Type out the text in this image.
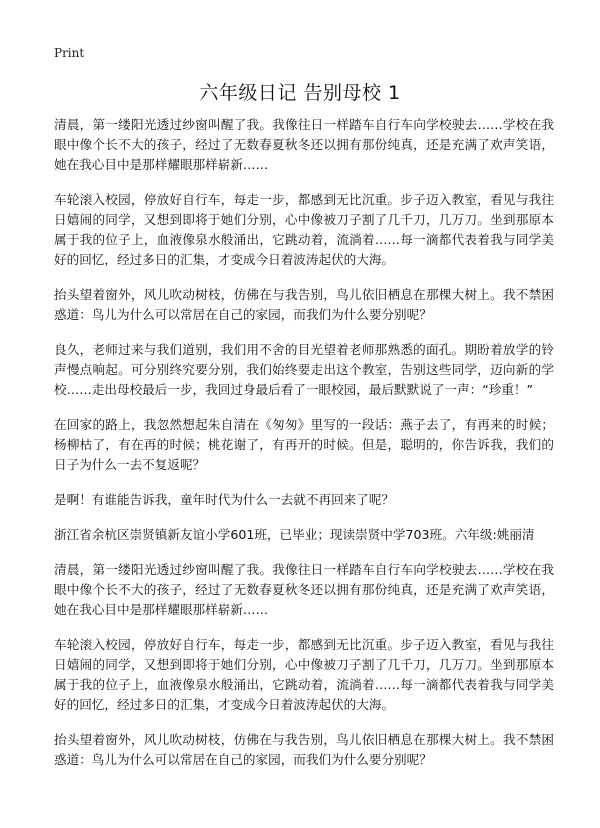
Print
六年级日记 告别母校 1

清晨，第一缕阳光透过纱窗叫醒了我。我像往日一样踏车自行车向学校驶去……学校在我眼中像个长不大的孩子，经过了无数春夏秋冬还以拥有那份纯真，还是充满了欢声笑语，她在我心目中是那样耀眼那样崭新……

车轮滚入校园，停放好自行车，每走一步，都感到无比沉重。步子迈入教室，看见与我往日嬉闹的同学，又想到即将于她们分别，心中像被刀子割了几千刀，几万刀。坐到那原本属于我的位子上，血液像泉水般涌出，它跳动着，流淌着……每一滴都代表着我与同学美好的回忆，经过多日的汇集，才变成今日着波涛起伏的大海。

抬头望着窗外，风儿吹动树枝，仿佛在与我告别，鸟儿依旧栖息在那棵大树上。我不禁困惑道：鸟儿为什么可以常居在自己的家园，而我们为什么要分别呢？

良久，老师过来与我们道别，我们用不舍的目光望着老师那熟悉的面孔。期盼着放学的铃声慢点响起。可分别终究要分别，我们始终要走出这个教室，告别这些同学，迈向新的学校……走出母校最后一步，我回过身最后看了一眼校园，最后默默说了一声：“珍重！”

在回家的路上，我忽然想起朱自清在《匆匆》里写的一段话：燕子去了，有再来的时候；杨柳枯了，有在再的时候；桃花谢了，有再开的时候。但是，聪明的，你告诉我，我们的日子为什么一去不复返呢？

是啊！有谁能告诉我，童年时代为什么一去就不再回来了呢？

浙江省余杭区崇贤镇新友谊小学601班，已毕业；现读崇贤中学703班。六年级:姚丽清

清晨，第一缕阳光透过纱窗叫醒了我。我像往日一样踏车自行车向学校驶去……学校在我眼中像个长不大的孩子，经过了无数春夏秋冬还以拥有那份纯真，还是充满了欢声笑语，她在我心目中是那样耀眼那样崭新……

车轮滚入校园，停放好自行车，每走一步，都感到无比沉重。步子迈入教室，看见与我往日嬉闹的同学，又想到即将于她们分别，心中像被刀子割了几千刀，几万刀。坐到那原本属于我的位子上，血液像泉水般涌出，它跳动着，流淌着……每一滴都代表着我与同学美好的回忆，经过多日的汇集，才变成今日着波涛起伏的大海。

抬头望着窗外，风儿吹动树枝，仿佛在与我告别，鸟儿依旧栖息在那棵大树上。我不禁困惑道：鸟儿为什么可以常居在自己的家园，而我们为什么要分别呢？
